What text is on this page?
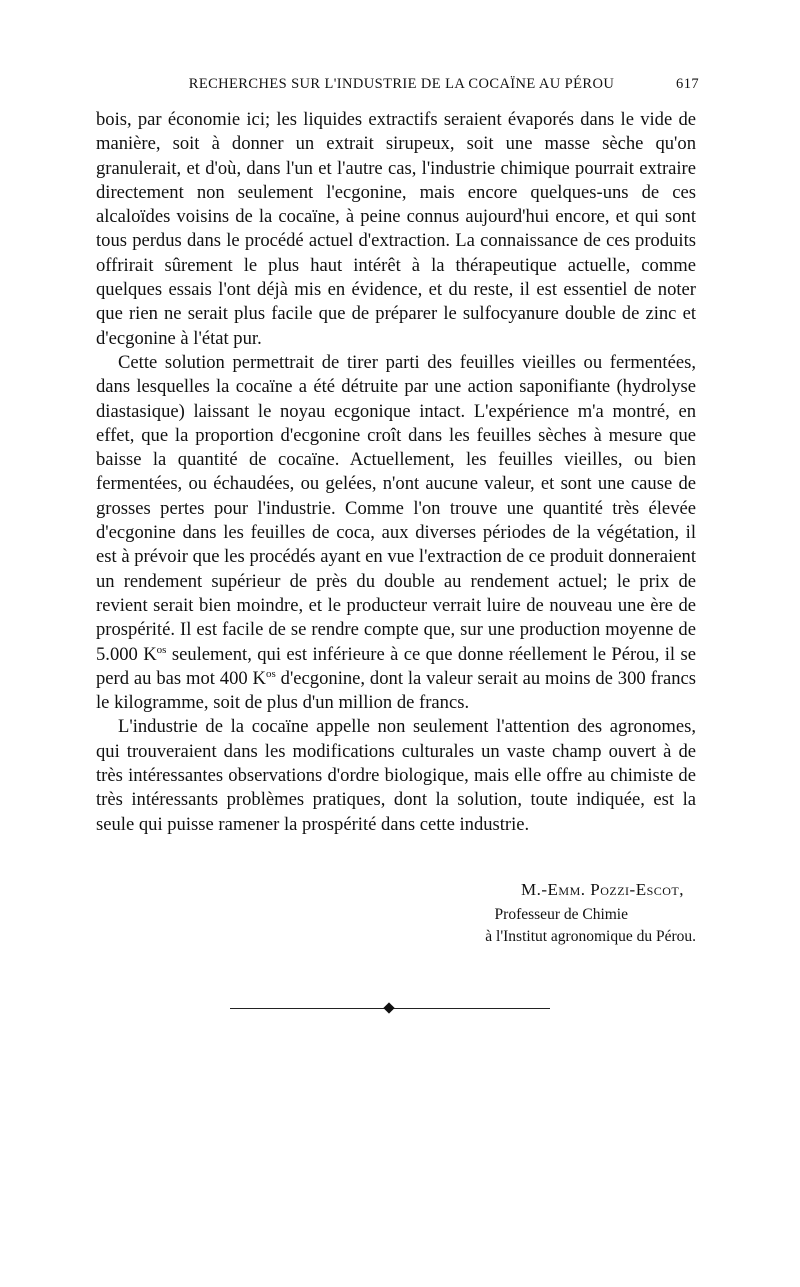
RECHERCHES SUR L'INDUSTRIE DE LA COCAÏNE AU PÉROU	617

bois, par économie ici; les liquides extractifs seraient évaporés dans le vide de manière, soit à donner un extrait sirupeux, soit une masse sèche qu'on granulerait, et d'où, dans l'un et l'autre cas, l'industrie chimique pourrait extraire directement non seulement l'ecgonine, mais encore quelques-uns de ces alcaloïdes voisins de la cocaïne, à peine connus aujourd'hui encore, et qui sont tous perdus dans le procédé actuel d'extraction. La connaissance de ces produits offrirait sûrement le plus haut intérêt à la thérapeutique actuelle, comme quelques essais l'ont déjà mis en évidence, et du reste, il est essentiel de noter que rien ne serait plus facile que de préparer le sulfocyanure double de zinc et d'ecgonine à l'état pur.

Cette solution permettrait de tirer parti des feuilles vieilles ou fermentées, dans lesquelles la cocaïne a été détruite par une action saponifiante (hydrolyse diastasique) laissant le noyau ecgonique intact. L'expérience m'a montré, en effet, que la proportion d'ecgonine croît dans les feuilles sèches à mesure que baisse la quantité de cocaïne. Actuellement, les feuilles vieilles, ou bien fermentées, ou échaudées, ou gelées, n'ont aucune valeur, et sont une cause de grosses pertes pour l'industrie. Comme l'on trouve une quantité très élevée d'ecgonine dans les feuilles de coca, aux diverses périodes de la végétation, il est à prévoir que les procédés ayant en vue l'extraction de ce produit donneraient un rendement supérieur de près du double au rendement actuel; le prix de revient serait bien moindre, et le producteur verrait luire de nouveau une ère de prospérité. Il est facile de se rendre compte que, sur une production moyenne de 5.000 $K^{os}$ seulement, qui est inférieure à ce que donne réellement le Pérou, il se perd au bas mot 400 $K^{os}$ d'ecgonine, dont la valeur serait au moins de 300 francs le kilogramme, soit de plus d'un million de francs.

L'industrie de la cocaïne appelle non seulement l'attention des agronomes, qui trouveraient dans les modifications culturales un vaste champ ouvert à de très intéressantes observations d'ordre biologique, mais elle offre au chimiste de très intéressants problèmes pratiques, dont la solution, toute indiquée, est la seule qui puisse ramener la prospérité dans cette industrie.

M.-Emm. Pozzi-Escot,
Professeur de Chimie
à l'Institut agronomique du Pérou.
